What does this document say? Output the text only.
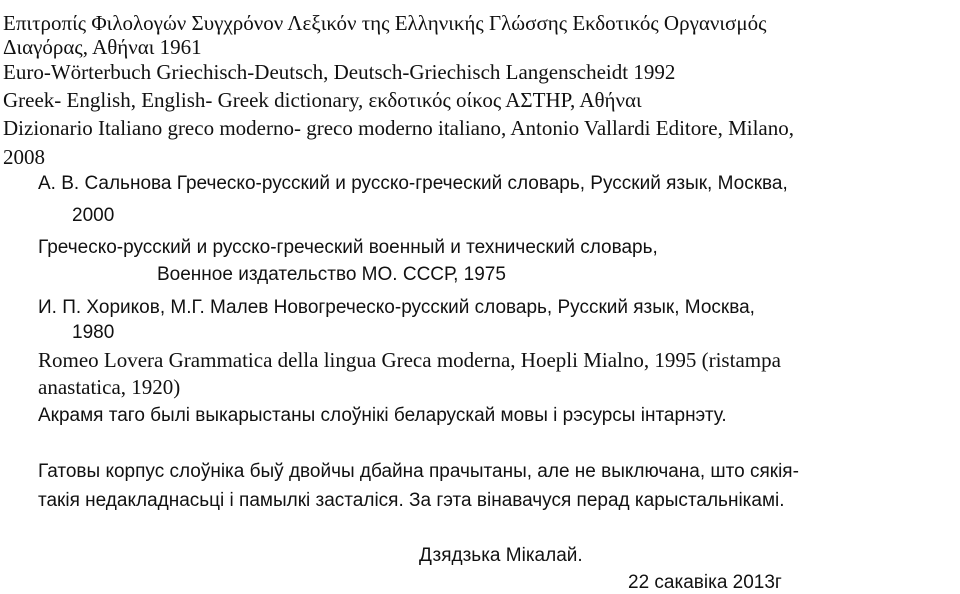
Επιτροπίς Φιλολογών Συγχρόνον Λεξικόν της Ελληνικής Γλώσσης Εκδοτικός Οργανισμός
Διαγόρας, Αθήναι 1961
Euro-Wörterbuch Griechisch-Deutsch, Deutsch-Griechisch Langenscheidt 1992
Greek- English, English- Greek dictionary, εκδοτικός οίκος ΑΣΤΗΡ, Αθήναι
Dizionario Italiano greco moderno- greco moderno italiano, Antonio Vallardi Editore, Milano,
2008
А. В. Сальнова Греческо-русский и русско-греческий словарь, Русский язык, Москва,
2000
Греческо-русский и русско-греческий военный и технический словарь,
Военное издательство МО. СССР, 1975
И. П. Хориков, М.Г. Малев Новогреческо-русский словарь, Русский язык, Москва,
1980
Romeo Lovera Grammatica della lingua Greca moderna, Hoepli Mialno, 1995 (ristampa
anastatica, 1920)
Акрамя таго былі выкарыстаны слоўнікі беларускай мовы і рэсурсы інтарнэту.
Гатовы корпус слоўніка быў двойчы дбайна прачытаны, але не выключана, што сякія-
такія недакладнасьці і памылкі засталіся. За гэта вінавачуся перад карыстальнікамі.
Дзядзька Мікалай.
22 сакавіка 2013г
